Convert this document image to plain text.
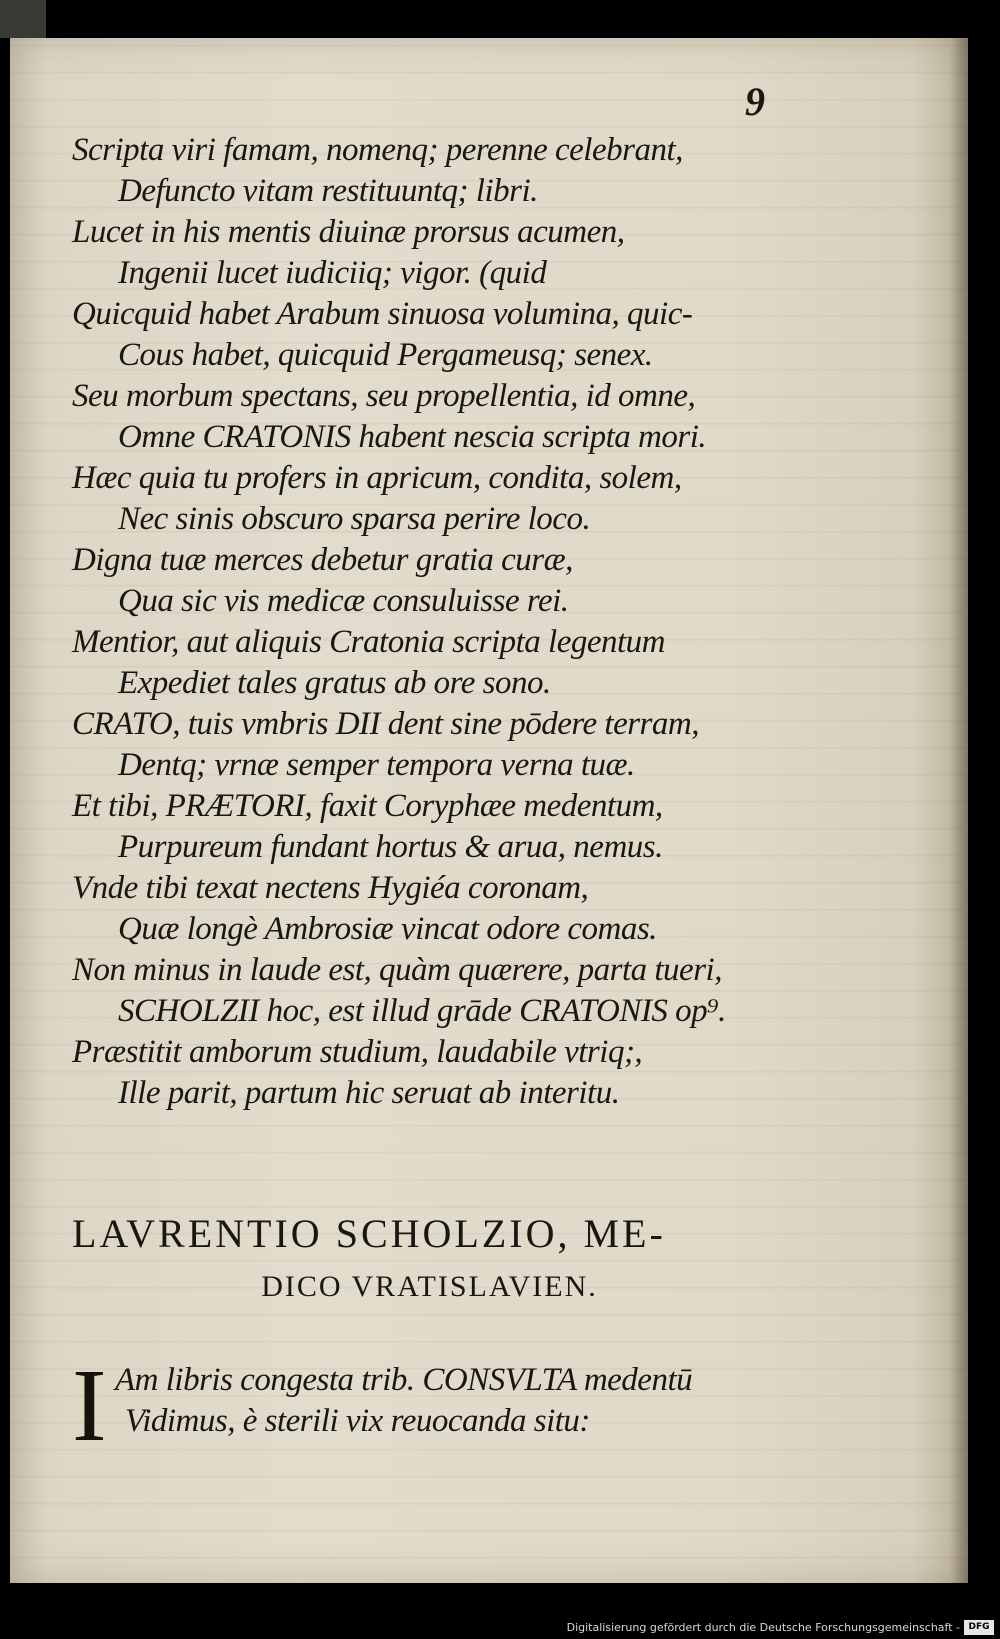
9
Scripta viri famam, nomenq; perenne celebrant,
Defuncto vitam restituuntq; libri.
Lucet in his mentis diuinæ prorsus acumen,
Ingenii lucet iudiciiq; vigor. (quid
Quicquid habet Arabum sinuosa volumina, quic-
Cous habet, quicquid Pergameusq; senex.
Seu morbum spectans, seu propellentia, id omne,
Omne CRATONIS habent nescia scripta mori.
Hæc quia tu profers in apricum, condita, solem,
Nec sinis obscuro sparsa perire loco.
Digna tuæ merces debetur gratia curæ,
Qua sic vis medicæ consuluisse rei.
Mentior, aut aliquis Cratonia scripta legentum
Expediet tales gratus ab ore sono.
CRATO, tuis vmbris DII dent sine pōdere terram,
Dentq; vrnæ semper tempora verna tuæ.
Et tibi, PRÆTORI, faxit Coryphæe medentum,
Purpureum fundant hortus & arua, nemus.
Vnde tibi texat nectens Hygiéa coronam,
Quæ longè Ambrosiæ vincat odore comas.
Non minus in laude est, quàm quærere, parta tueri,
SCHOLZII hoc, est illud grāde CRATONIS op⁹.
Præstitit amborum studium, laudabile vtriq;,
Ille parit, partum hic seruat ab interitu.
LAVRENTIO SCHOLZIO, ME-
DICO VRATISLAVIEN.
I Am libris congesta trib. CONSVLTA medentū
Vidimus, è sterili vix reuocanda situ:
Digitalisierung gefördert durch die Deutsche Forschungsgemeinschaft - DFG
